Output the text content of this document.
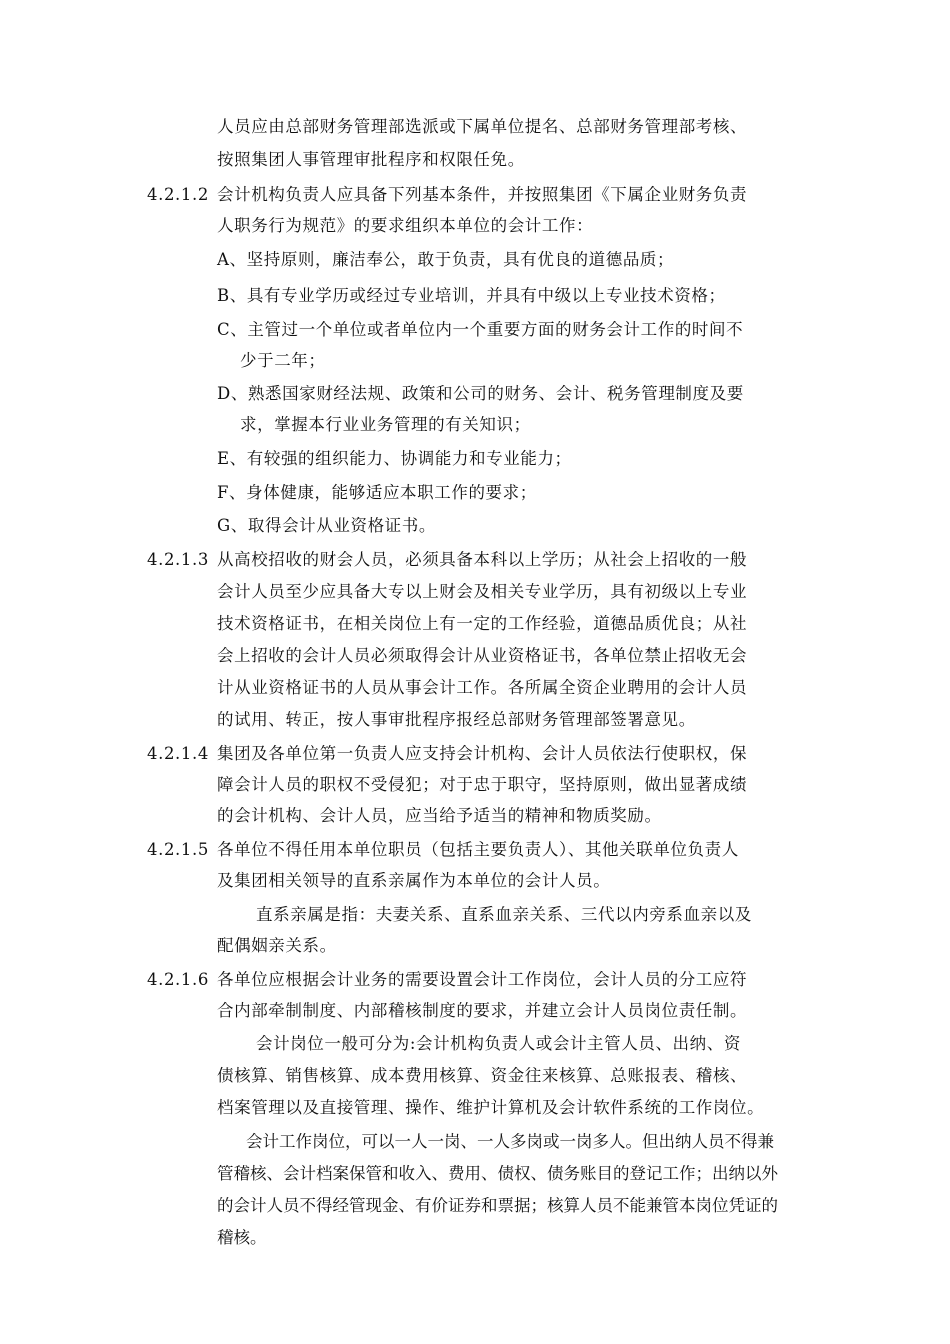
人员应由总部财务管理部选派或下属单位提名、总部财务管理部考核、
按照集团人事管理审批程序和权限任免。
4.2.1.2 会计机构负责人应具备下列基本条件，并按照集团《下属企业财务负责
人职务行为规范》的要求组织本单位的会计工作：
A、坚持原则，廉洁奉公，敢于负责，具有优良的道德品质；
B、具有专业学历或经过专业培训，并具有中级以上专业技术资格；
C、主管过一个单位或者单位内一个重要方面的财务会计工作的时间不
少于二年；
D、熟悉国家财经法规、政策和公司的财务、会计、税务管理制度及要
求，掌握本行业业务管理的有关知识；
E、有较强的组织能力、协调能力和专业能力；
F、身体健康，能够适应本职工作的要求；
G、取得会计从业资格证书。
4.2.1.3 从高校招收的财会人员，必须具备本科以上学历；从社会上招收的一般
会计人员至少应具备大专以上财会及相关专业学历，具有初级以上专业
技术资格证书，在相关岗位上有一定的工作经验，道德品质优良；从社
会上招收的会计人员必须取得会计从业资格证书，各单位禁止招收无会
计从业资格证书的人员从事会计工作。各所属全资企业聘用的会计人员
的试用、转正，按人事审批程序报经总部财务管理部签署意见。
4.2.1.4 集团及各单位第一负责人应支持会计机构、会计人员依法行使职权，保
障会计人员的职权不受侵犯；对于忠于职守，坚持原则，做出显著成绩
的会计机构、会计人员，应当给予适当的精神和物质奖励。
4.2.1.5 各单位不得任用本单位职员（包括主要负责人）、其他关联单位负责人
及集团相关领导的直系亲属作为本单位的会计人员。
直系亲属是指：夫妻关系、直系血亲关系、三代以内旁系血亲以及
配偶姻亲关系。
4.2.1.6 各单位应根据会计业务的需要设置会计工作岗位，会计人员的分工应符
合内部牵制制度、内部稽核制度的要求，并建立会计人员岗位责任制。
会计岗位一般可分为:会计机构负责人或会计主管人员、出纳、资
债核算、销售核算、成本费用核算、资金往来核算、总账报表、稽核、
档案管理以及直接管理、操作、维护计算机及会计软件系统的工作岗位。
会计工作岗位，可以一人一岗、一人多岗或一岗多人。但出纳人员不得兼
管稽核、会计档案保管和收入、费用、债权、债务账目的登记工作；出纳以外
的会计人员不得经管现金、有价证券和票据；核算人员不能兼管本岗位凭证的
稽核。
